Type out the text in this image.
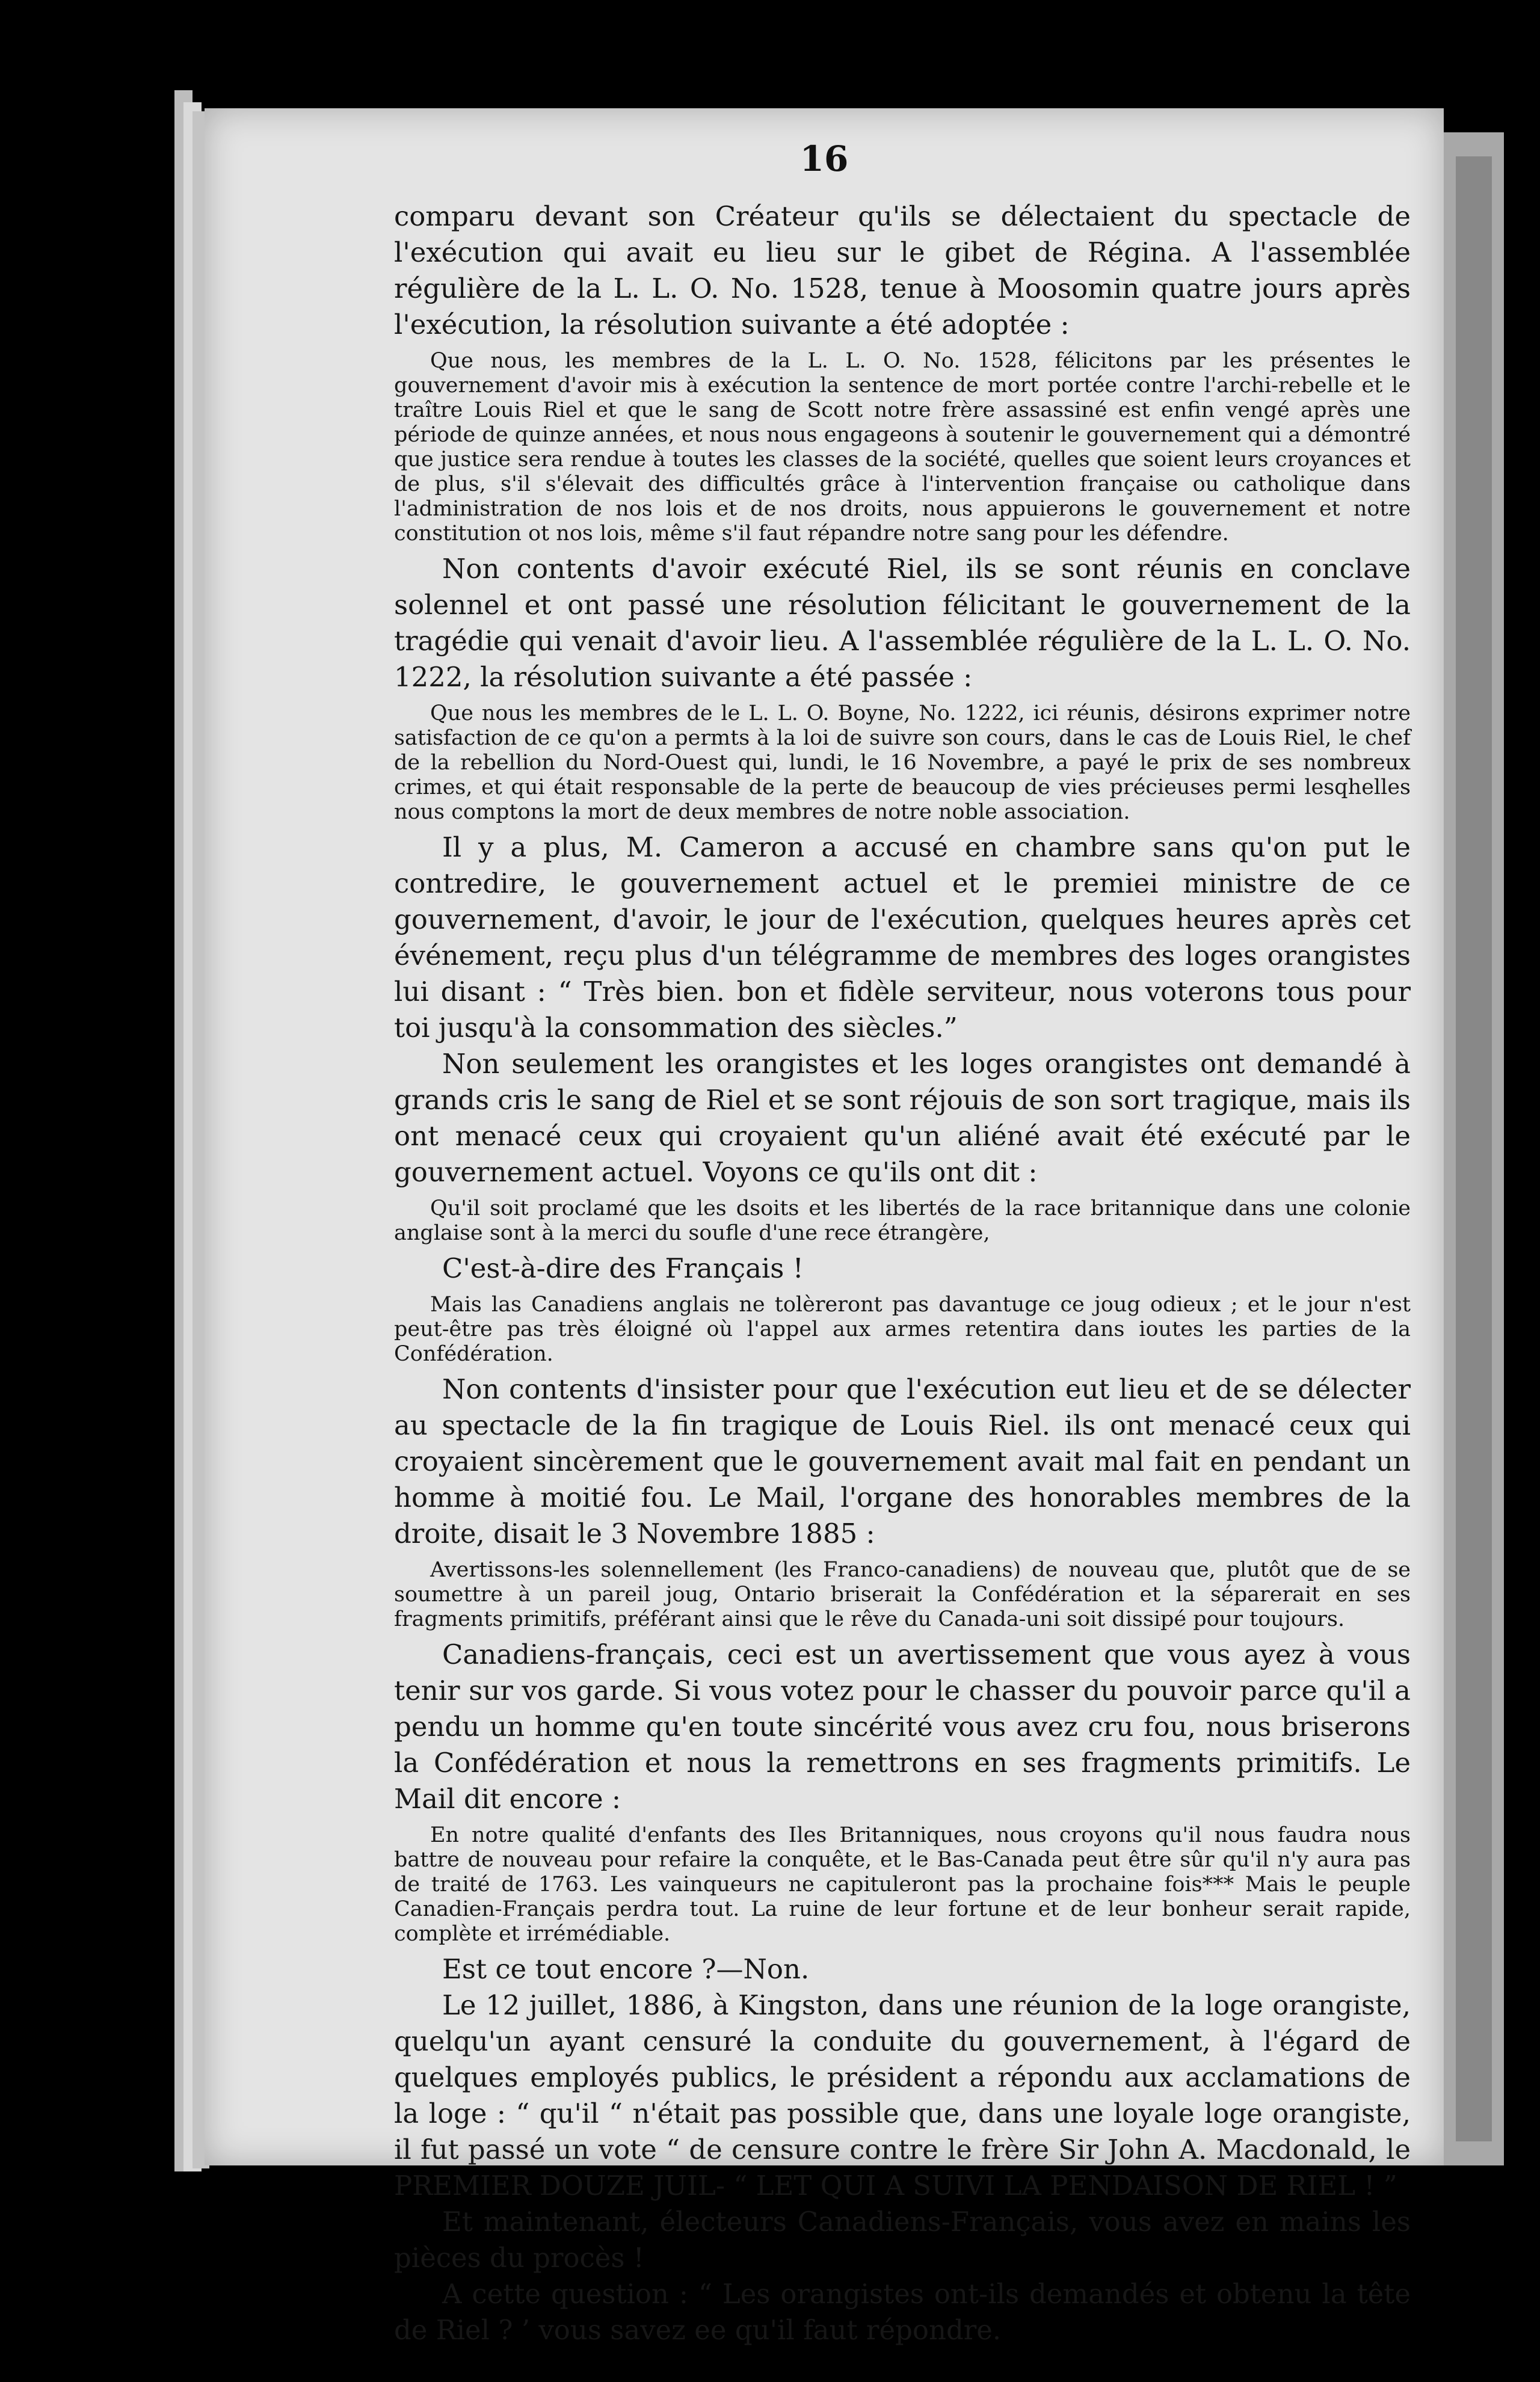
16

comparu devant son Créateur qu'ils se délectaient du spectacle de l'exécution qui avait eu lieu sur le gibet de Régina. A l'assemblée régulière de la L. L. O. No. 1528, tenue à Moosomin quatre jours après l'exécution, la résolution suivante a été adoptée :

Que nous, les membres de la L. L. O. No. 1528, félicitons par les présentes le gouvernement d'avoir mis à exécution la sentence de mort portée contre l'archi-rebelle et le traître Louis Riel et que le sang de Scott notre frère assassiné est enfin vengé après une période de quinze années, et nous nous engageons à soutenir le gouvernement qui a démontré que justice sera rendue à toutes les classes de la société, quelles que soient leurs croyances et de plus, s'il s'élevait des difficultés grâce à l'intervention française ou catholique dans l'administration de nos lois et de nos droits, nous appuierons le gouvernement et notre constitution ot nos lois, même s'il faut répandre notre sang pour les défendre.

Non contents d'avoir exécuté Riel, ils se sont réunis en conclave solennel et ont passé une résolution félicitant le gouvernement de la tragédie qui venait d'avoir lieu. A l'assemblée régulière de la L. L. O. No. 1222, la résolution suivante a été passée :

Que nous les membres de le L. L. O. Boyne, No. 1222, ici réunis, désirons exprimer notre satisfaction de ce qu'on a permts à la loi de suivre son cours, dans le cas de Louis Riel, le chef de la rebellion du Nord-Ouest qui, lundi, le 16 Novembre, a payé le prix de ses nombreux crimes, et qui était responsable de la perte de beaucoup de vies précieuses permi lesqhelles nous comptons la mort de deux membres de notre noble association.

Il y a plus, M. Cameron a accusé en chambre sans qu'on put le contredire, le gouvernement actuel et le premiei ministre de ce gouvernement, d'avoir, le jour de l'exécution, quelques heures après cet événement, reçu plus d'un télégramme de membres des loges orangistes lui disant : “ Très bien. bon et fidèle serviteur, nous voterons tous pour toi jusqu'à la consommation des siècles.”

Non seulement les orangistes et les loges orangistes ont demandé à grands cris le sang de Riel et se sont réjouis de son sort tragique, mais ils ont menacé ceux qui croyaient qu'un aliéné avait été exécuté par le gouvernement actuel. Voyons ce qu'ils ont dit :

Qu'il soit proclamé que les dsoits et les libertés de la race britannique dans une colonie anglaise sont à la merci du soufle d'une rece étrangère,

C'est-à-dire des Français !

Mais las Canadiens anglais ne tolèreront pas davantuge ce joug odieux ; et le jour n'est peut-être pas très éloigné où l'appel aux armes retentira dans ioutes les parties de la Confédération.

Non contents d'insister pour que l'exécution eut lieu et de se délecter au spectacle de la fin tragique de Louis Riel. ils ont menacé ceux qui croyaient sincèrement que le gouvernement avait mal fait en pendant un homme à moitié fou. Le Mail, l'organe des honorables membres de la droite, disait le 3 Novembre 1885 :

Avertissons-les solennellement (les Franco-canadiens) de nouveau que, plutôt que de se soumettre à un pareil joug, Ontario briserait la Confédération et la séparerait en ses fragments primitifs, préférant ainsi que le rêve du Canada-uni soit dissipé pour toujours.

Canadiens-français, ceci est un avertissement que vous ayez à vous tenir sur vos garde. Si vous votez pour le chasser du pouvoir parce qu'il a pendu un homme qu'en toute sincérité vous avez cru fou, nous briserons la Confédération et nous la remettrons en ses fragments primitifs. Le Mail dit encore :

En notre qualité d'enfants des Iles Britanniques, nous croyons qu'il nous faudra nous battre de nouveau pour refaire la conquête, et le Bas-Canada peut être sûr qu'il n'y aura pas de traité de 1763. Les vainqueurs ne capituleront pas la prochaine fois*** Mais le peuple Canadien-Français perdra tout. La ruine de leur fortune et de leur bonheur serait rapide, complète et irrémédiable.

Est ce tout encore ?—Non.

Le 12 juillet, 1886, à Kingston, dans une réunion de la loge orangiste, quelqu'un ayant censuré la conduite du gouvernement, à l'égard de quelques employés publics, le président a répondu aux acclamations de la loge : “ qu'il “ n'était pas possible que, dans une loyale loge orangiste, il fut passé un vote “ de censure contre le frère Sir John A. Macdonald, le PREMIER DOUZE JUIL- “ LET QUI A SUIVI LA PENDAISON DE RIEL ! ”

Et maintenant, électeurs Canadiens-Français, vous avez en mains les pièces du procès !

A cette question : “ Les orangistes ont-ils demandés et obtenu la tête de Riel ? ’ vous savez ee qu'il faut répondre.
